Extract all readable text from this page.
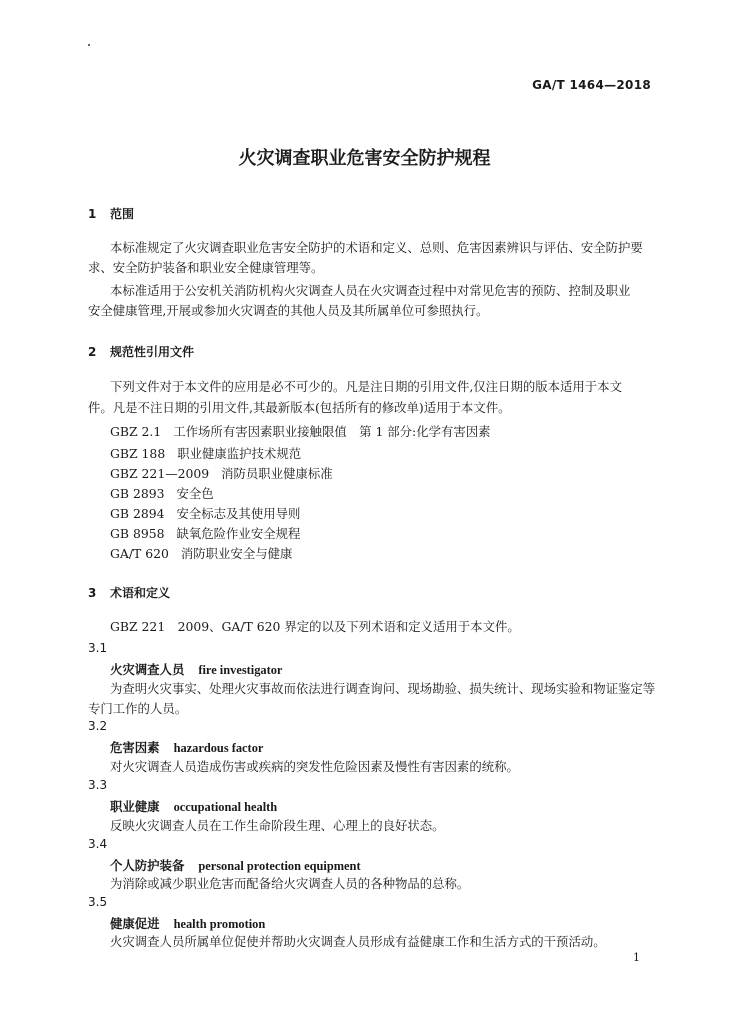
GA/T 1464—2018
火灾调查职业危害安全防护规程
1 范围
本标准规定了火灾调查职业危害安全防护的术语和定义、总则、危害因素辨识与评估、安全防护要
求、安全防护装备和职业安全健康管理等。
本标准适用于公安机关消防机构火灾调查人员在火灾调查过程中对常见危害的预防、控制及职业
安全健康管理,开展或参加火灾调查的其他人员及其所属单位可参照执行。
2 规范性引用文件
下列文件对于本文件的应用是必不可少的。凡是注日期的引用文件,仅注日期的版本适用于本文
件。凡是不注日期的引用文件,其最新版本(包括所有的修改单)适用于本文件。
GBZ 2.1 工作场所有害因素职业接触限值　第 1 部分:化学有害因素
GBZ 188 职业健康监护技术规范
GBZ 221—2009 消防员职业健康标准
GB 2893 安全色
GB 2894 安全标志及其使用导则
GB 8958 缺氧危险作业安全规程
GA/T 620 消防职业安全与健康
3 术语和定义
GBZ 221　2009、GA/T 620 界定的以及下列术语和定义适用于本文件。
3.1
火灾调查人员 fire investigator
为查明火灾事实、处理火灾事故而依法进行调查询问、现场勘验、损失统计、现场实验和物证鉴定等
专门工作的人员。
3.2
危害因素 hazardous factor
对火灾调查人员造成伤害或疾病的突发性危险因素及慢性有害因素的统称。
3.3
职业健康 occupational health
反映火灾调查人员在工作生命阶段生理、心理上的良好状态。
3.4
个人防护装备 personal protection equipment
为消除或减少职业危害而配备给火灾调查人员的各种物品的总称。
3.5
健康促进 health promotion
火灾调查人员所属单位促使并帮助火灾调查人员形成有益健康工作和生活方式的干预活动。
1
